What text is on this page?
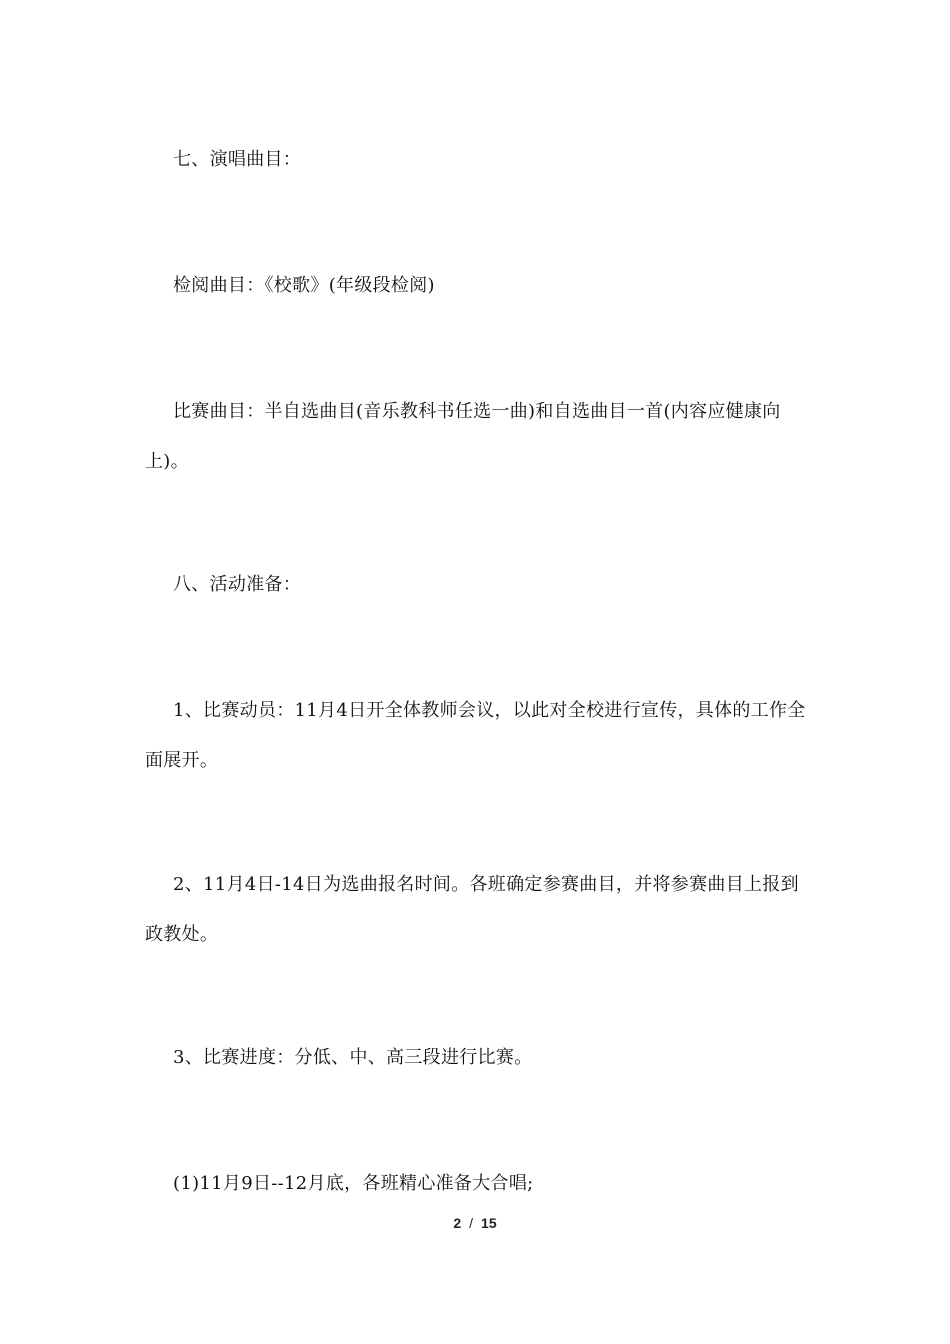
七、演唱曲目：

检阅曲目：《校歌》(年级段检阅)

比赛曲目：半自选曲目(音乐教科书任选一曲)和自选曲目一首(内容应健康向上)。

八、活动准备：

1、比赛动员：11月4日开全体教师会议，以此对全校进行宣传，具体的工作全面展开。

2、11月4日-14日为选曲报名时间。各班确定参赛曲目，并将参赛曲目上报到政教处。

3、比赛进度：分低、中、高三段进行比赛。

(1)11月9日--12月底，各班精心准备大合唱;

2 / 15
